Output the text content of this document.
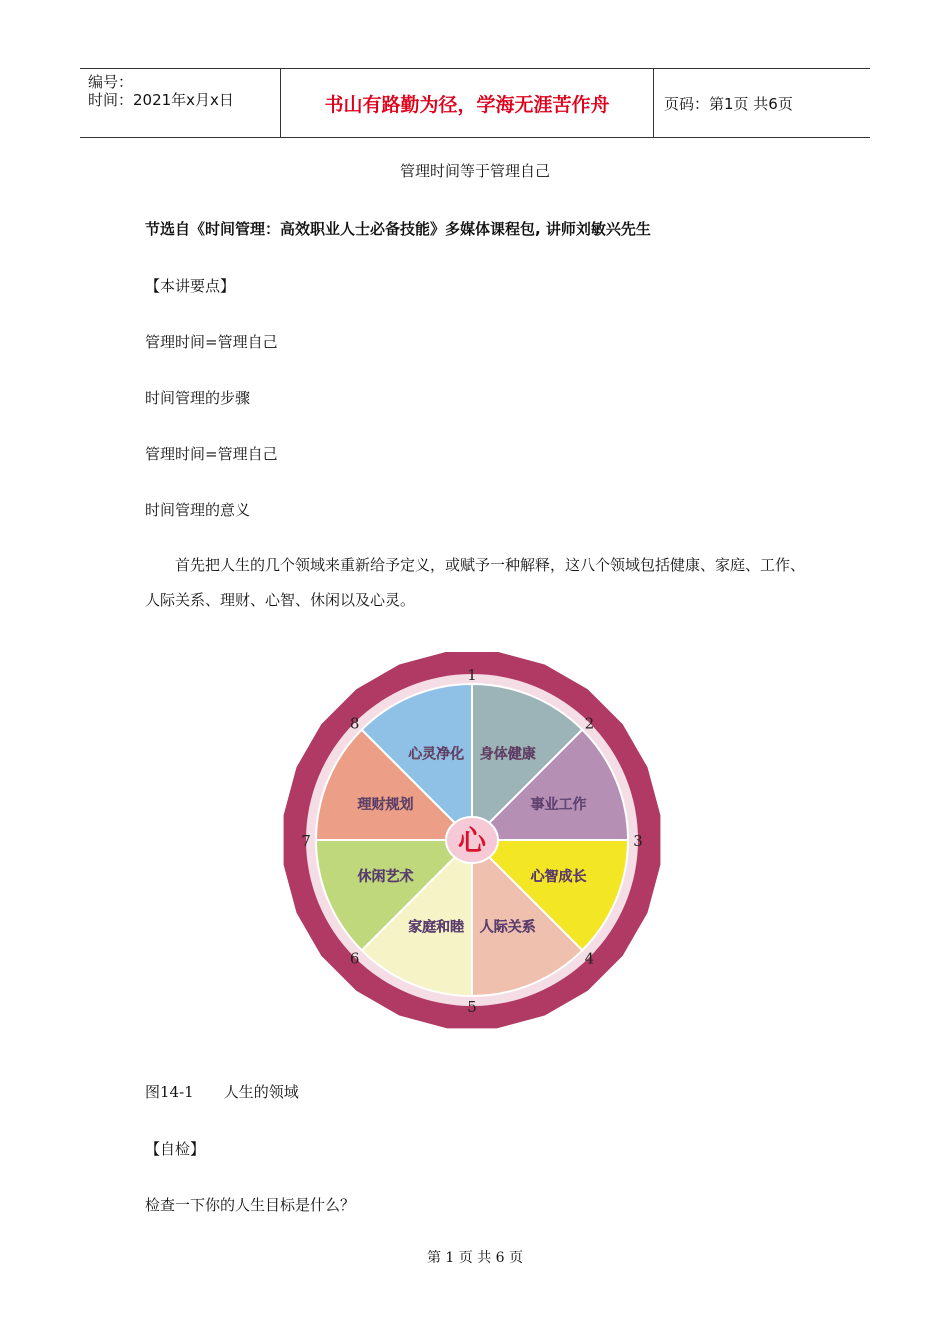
编号：
时间：2021年x月x日	书山有路勤为径，学海无涯苦作舟	页码：第1页 共6页
管理时间等于管理自己
节选自《时间管理：高效职业人士必备技能》多媒体课程包, 讲师刘敏兴先生
【本讲要点】
管理时间=管理自己
时间管理的步骤
管理时间=管理自己
时间管理的意义
首先把人生的几个领域来重新给予定义，或赋予一种解释，这八个领域包括健康、家庭、工作、人际关系、理财、心智、休闲以及心灵。
身体健康
事业工作
心智成长
人际关系
家庭和睦
休闲艺术
理财规划
心灵净化
1
2
3
4
5
6
7
8
心
图14-1　　人生的领域
【自检】
检查一下你的人生目标是什么？
第 1 页 共 6 页
